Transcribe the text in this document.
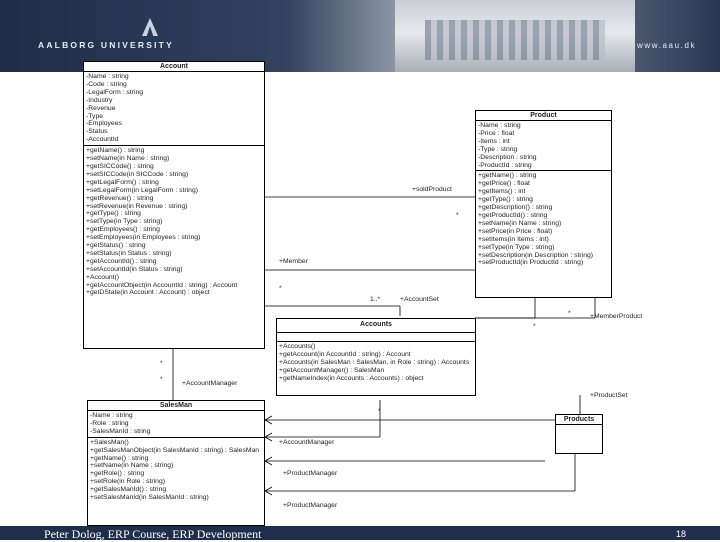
AALBORG UNIVERSITY	www.aau.dk
Account
-Name : string
-Code : string
-LegalForm : string
-Industry
-Revenue
-Type
-Employees
-Status
-AccountId
+getName() : string
+setName(in Name : string)
+getSICCode() : string
+setSICCode(in SICCode : string)
+getLegalForm() : string
+setLegalForm(in LegalForm : string)
+getRevenue() : string
+setRevenue(in Revenue : string)
+getType() : string
+setType(in Type : string)
+getEmployees() : string
+setEmployees(in Employees : string)
+getStatus() : string
+setStatus(in Status : string)
+getAccountId() : string
+setAccountId(in Status : string)
+Account()
+getAccountObject(in AccountId : string) : Account
+getDState(in Account : Account) : object
Product
-Name : string
-Price : float
-Items : int
-Type : string
-Description : string
-ProductId : string
+getName() : string
+getPrice() : float
+getItems() : int
+getType() : string
+getDescription() : string
+getProductId() : string
+setName(in Name : string)
+setPrice(in Price : float)
+setItems(in Items : int)
+setType(in Type : string)
+setDescription(in Description : string)
+setProductId(in ProductId : string)
Accounts
+Accounts()
+getAccount(in AccountId : string) : Account
+Accounts(in SalesMan : SalesMan, in Role : string) : Accounts
+getAccountManager() : SalesMan
+getNameIndex(in Accounts : Accounts) : object
SalesMan
-Name : string
-Role : string
-SalesManId : string
+SalesMan()
+getSalesManObject(in SalesManId : string) : SalesMan
+getName() : string
+setName(in Name : string)
+getRole() : string
+setRole(in Role : string)
+getSalesManId() : string
+setSalesManId(in SalesManId : string)
Products
+soldProduct
*
+Member
*
1..*	+AccountSet
*	+MemberProduct
*
*
+AccountManager
*
+ProductSet
*
+AccountManager
+ProductManager
+ProductManager
Peter Dolog, ERP Course, ERP Development	18
